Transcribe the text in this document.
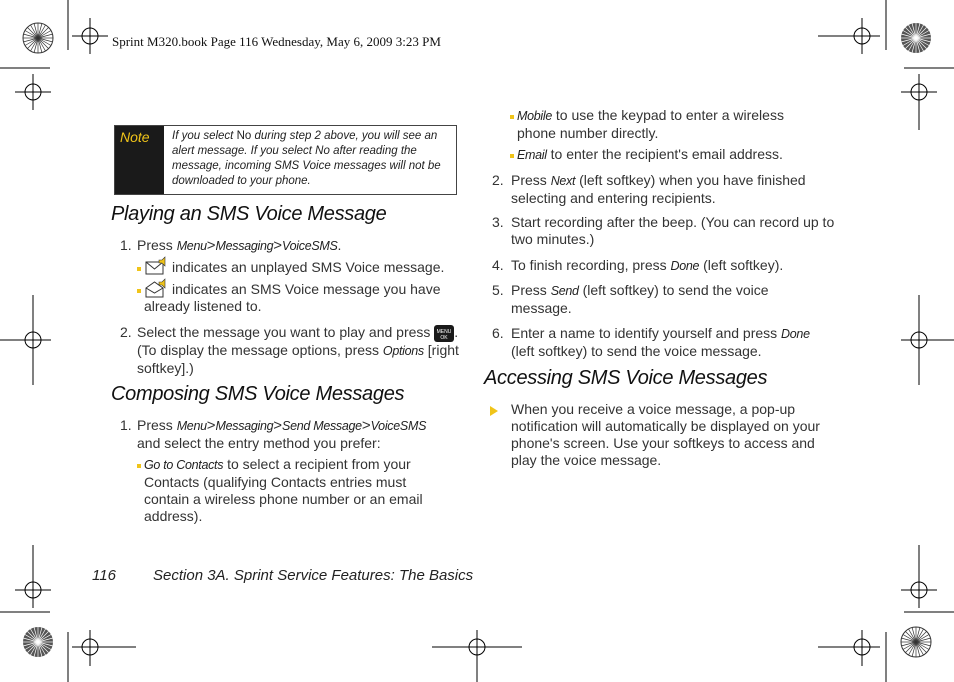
Sprint M320.book Page 116 Wednesday, May 6, 2009 3:23 PM
Note If you select No during step 2 above, you will see an alert message. If you select No after reading the message, incoming SMS Voice messages will not be downloaded to your phone.
Playing an SMS Voice Message
1. Press Menu>Messaging>VoiceSMS.
indicates an unplayed SMS Voice message.
indicates an SMS Voice message you have already listened to.
2. Select the message you want to play and press MENU
OK . (To display the message options, press Options [right softkey].)
Composing SMS Voice Messages
1. Press Menu>Messaging>Send Message>VoiceSMS
and select the entry method you prefer:
Go to Contacts to select a recipient from your Contacts (qualifying Contacts entries must contain a wireless phone number or an email address).
Mobile to use the keypad to enter a wireless phone number directly.
Email to enter the recipient's email address.
2. Press Next (left softkey) when you have finished selecting and entering recipients.
3. Start recording after the beep. (You can record up to two minutes.)
4. To finish recording, press Done (left softkey).
5. Press Send (left softkey) to send the voice message.
6. Enter a name to identify yourself and press Done (left softkey) to send the voice message.
Accessing SMS Voice Messages
When you receive a voice message, a pop-up notification will automatically be displayed on your phone's screen. Use your softkeys to access and play the voice message.
116 Section 3A. Sprint Service Features: The Basics
